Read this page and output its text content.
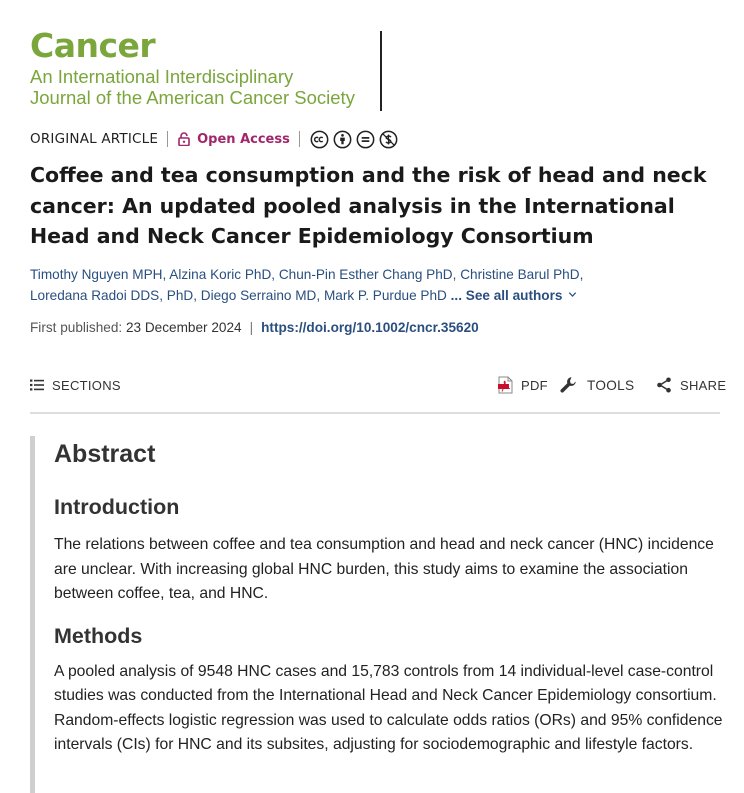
Cancer
An International Interdisciplinary
Journal of the American Cancer Society
ORIGINAL ARTICLE	Open Access
Coffee and tea consumption and the risk of head and neck cancer: An updated pooled analysis in the International Head and Neck Cancer Epidemiology Consortium
Timothy Nguyen MPH, Alzina Koric PhD, Chun-Pin Esther Chang PhD, Christine Barul PhD,
Loredana Radoi DDS, PhD, Diego Serraino MD, Mark P. Purdue PhD ... See all authors
First published: 23 December 2024 | https://doi.org/10.1002/cncr.35620
SECTIONS	PDF	TOOLS	SHARE
Abstract
Introduction

The relations between coffee and tea consumption and head and neck cancer (HNC) incidence are unclear. With increasing global HNC burden, this study aims to examine the association between coffee, tea, and HNC.

Methods

A pooled analysis of 9548 HNC cases and 15,783 controls from 14 individual-level case-control studies was conducted from the International Head and Neck Cancer Epidemiology consortium. Random-effects logistic regression was used to calculate odds ratios (ORs) and 95% confidence intervals (CIs) for HNC and its subsites, adjusting for sociodemographic and lifestyle factors.
